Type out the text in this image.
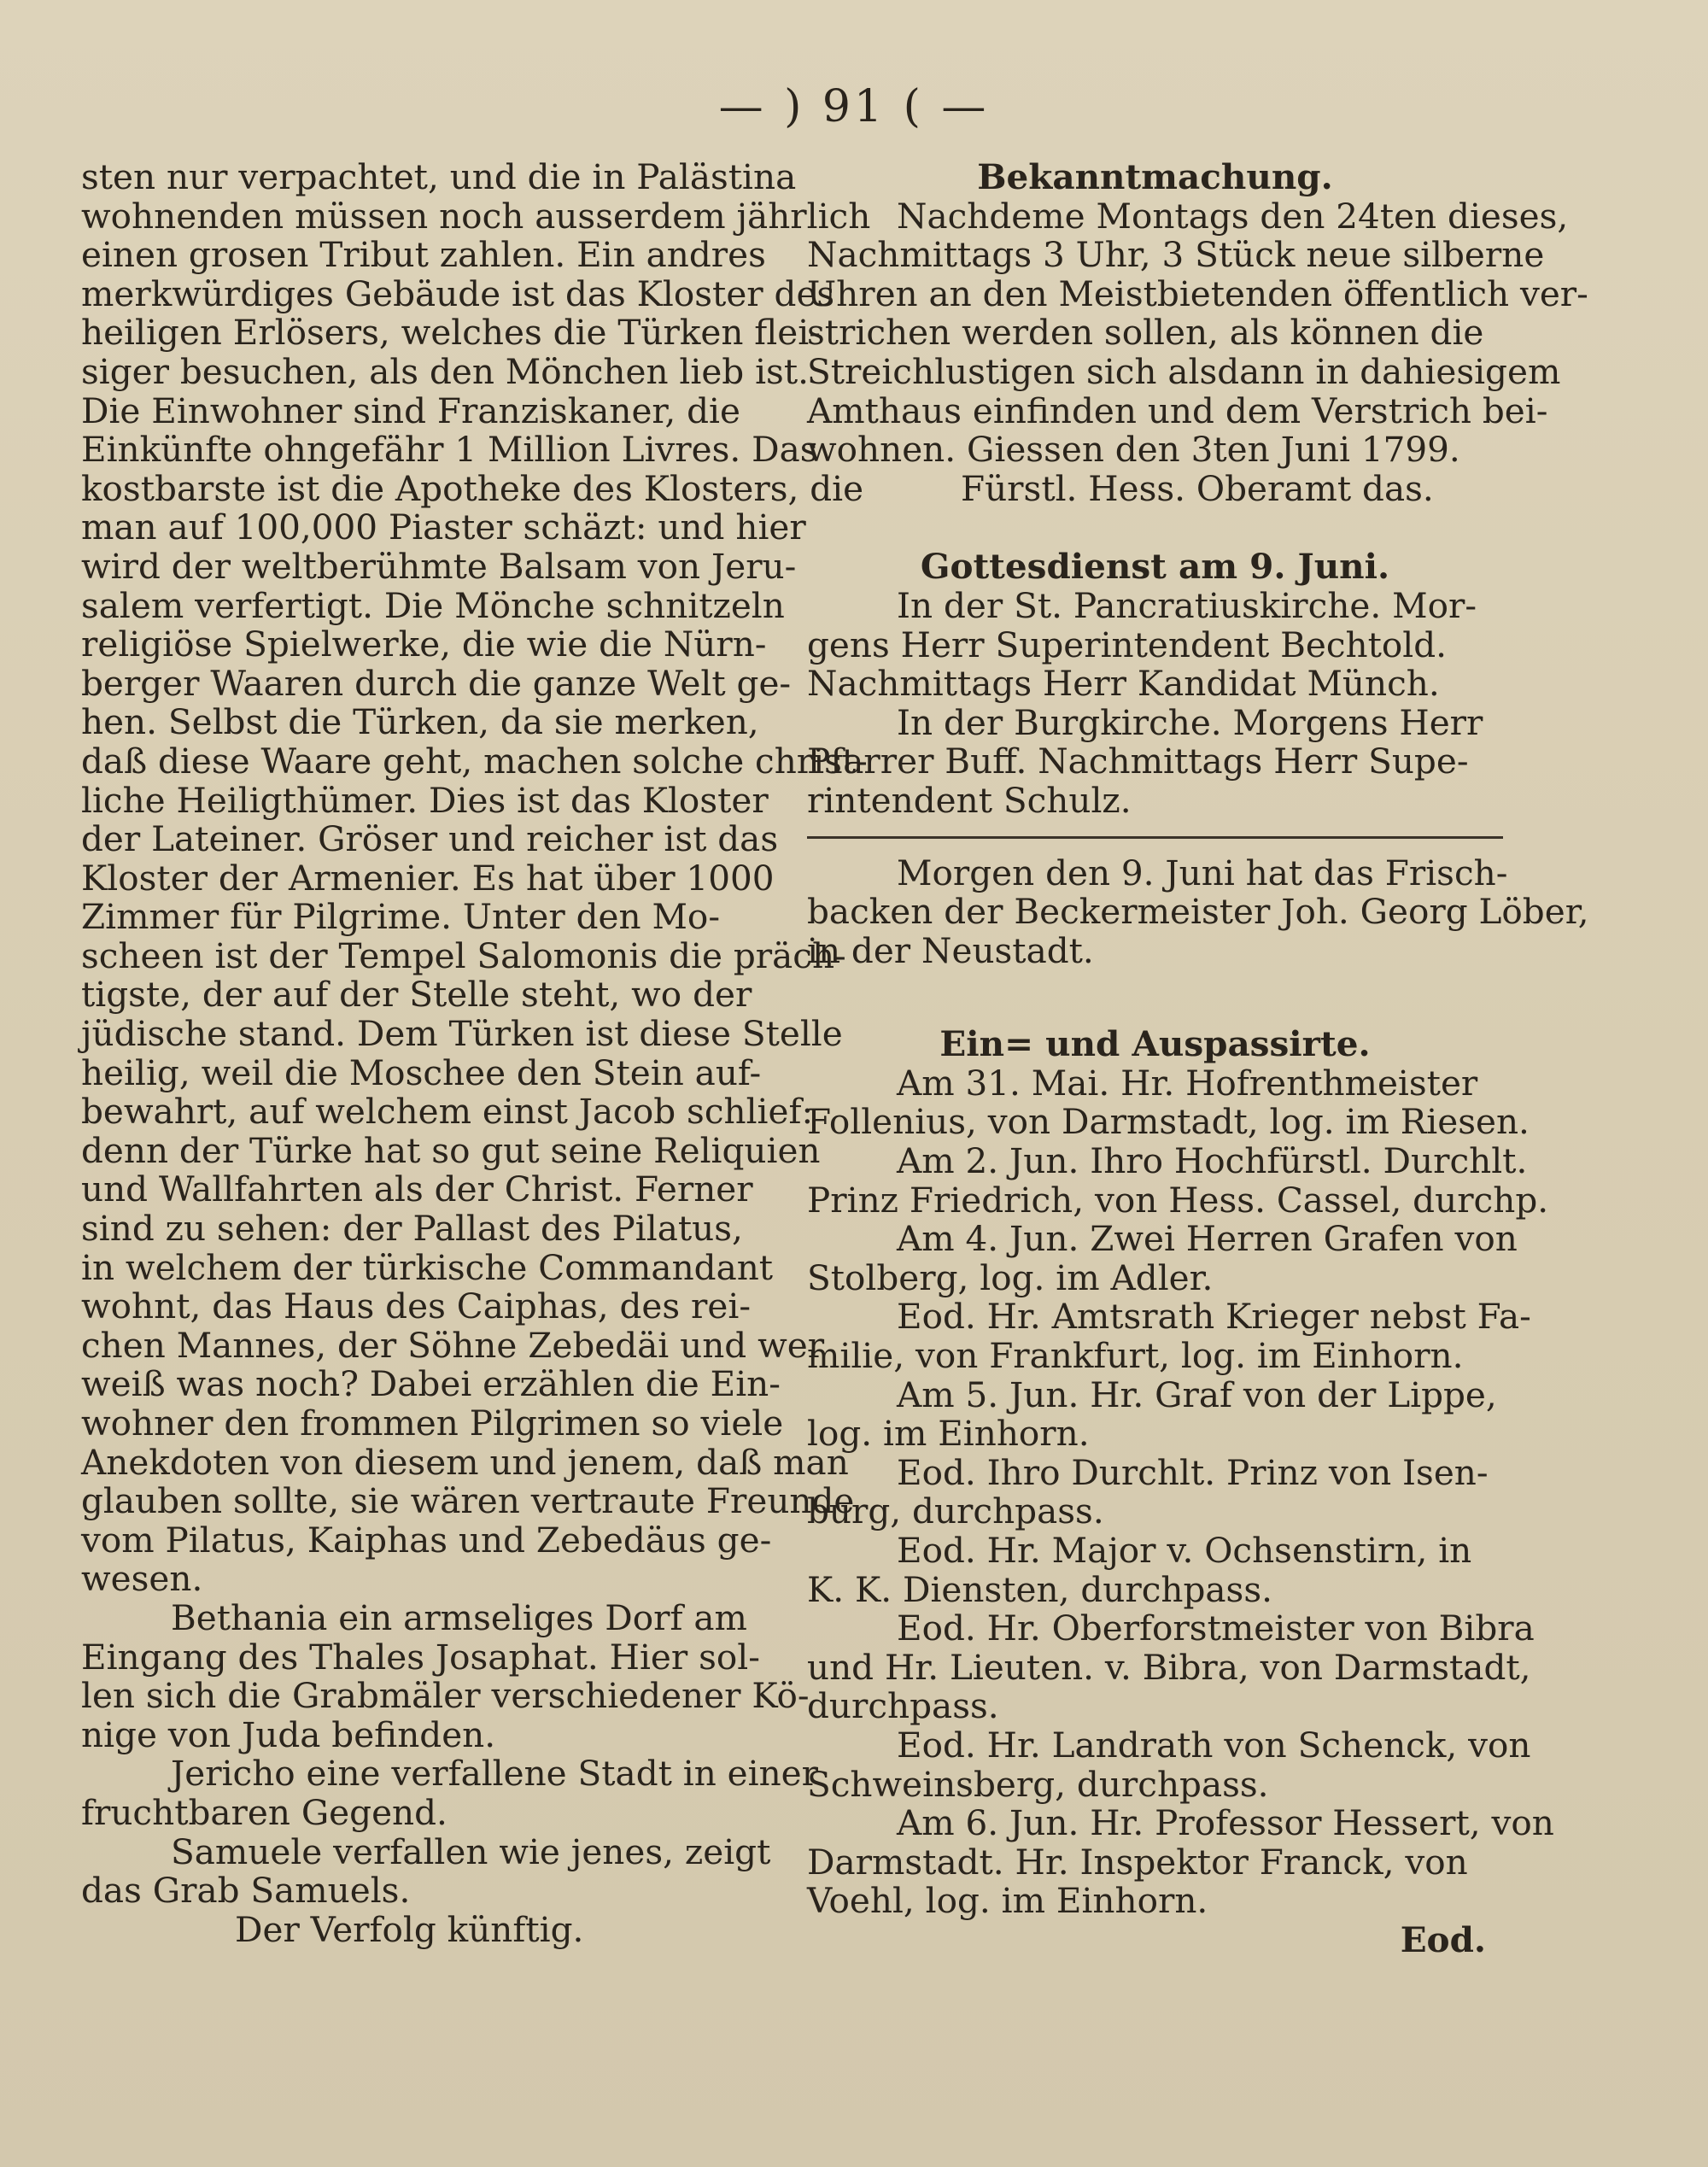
— ) 91 ( —
sten nur verpachtet, und die in Palästina
wohnenden müssen noch ausserdem jährlich
einen grosen Tribut zahlen. Ein andres
merkwürdiges Gebäude ist das Kloster des
heiligen Erlösers, welches die Türken flei-
siger besuchen, als den Mönchen lieb ist.
Die Einwohner sind Franziskaner, die
Einkünfte ohngefähr 1 Million Livres. Das
kostbarste ist die Apotheke des Klosters, die
man auf 100,000 Piaster schäzt: und hier
wird der weltberühmte Balsam von Jeru-
salem verfertigt. Die Mönche schnitzeln
religiöse Spielwerke, die wie die Nürn-
berger Waaren durch die ganze Welt ge-
hen. Selbst die Türken, da sie merken,
daß diese Waare geht, machen solche christ-
liche Heiligthümer. Dies ist das Kloster
der Lateiner. Gröser und reicher ist das
Kloster der Armenier. Es hat über 1000
Zimmer für Pilgrime. Unter den Mo-
scheen ist der Tempel Salomonis die präch-
tigste, der auf der Stelle steht, wo der
jüdische stand. Dem Türken ist diese Stelle
heilig, weil die Moschee den Stein auf-
bewahrt, auf welchem einst Jacob schlief:
denn der Türke hat so gut seine Reliquien
und Wallfahrten als der Christ. Ferner
sind zu sehen: der Pallast des Pilatus,
in welchem der türkische Commandant
wohnt, das Haus des Caiphas, des rei-
chen Mannes, der Söhne Zebedäi und wer
weiß was noch? Dabei erzählen die Ein-
wohner den frommen Pilgrimen so viele
Anekdoten von diesem und jenem, daß man
glauben sollte, sie wären vertraute Freunde
vom Pilatus, Kaiphas und Zebedäus ge-
wesen.
Bethania ein armseliges Dorf am
Eingang des Thales Josaphat. Hier sol-
len sich die Grabmäler verschiedener Kö-
nige von Juda befinden.
Jericho eine verfallene Stadt in einer
fruchtbaren Gegend.
Samuele verfallen wie jenes, zeigt
das Grab Samuels.
Der Verfolg künftig.
Bekanntmachung.
Nachdeme Montags den 24ten dieses,
Nachmittags 3 Uhr, 3 Stück neue silberne
Uhren an den Meistbietenden öffentlich ver-
strichen werden sollen, als können die
Streichlustigen sich alsdann in dahiesigem
Amthaus einfinden und dem Verstrich bei-
wohnen. Giessen den 3ten Juni 1799.
Fürstl. Hess. Oberamt das.
Gottesdienst am 9. Juni.
In der St. Pancratiuskirche. Mor-
gens Herr Superintendent Bechtold.
Nachmittags Herr Kandidat Münch.
In der Burgkirche. Morgens Herr
Pfarrer Buff. Nachmittags Herr Supe-
rintendent Schulz.
Morgen den 9. Juni hat das Frisch-
backen der Beckermeister Joh. Georg Löber,
in der Neustadt.
Ein= und Auspassirte.
Am 31. Mai. Hr. Hofrenthmeister
Follenius, von Darmstadt, log. im Riesen.
Am 2. Jun. Ihro Hochfürstl. Durchlt.
Prinz Friedrich, von Hess. Cassel, durchp.
Am 4. Jun. Zwei Herren Grafen von
Stolberg, log. im Adler.
Eod. Hr. Amtsrath Krieger nebst Fa-
milie, von Frankfurt, log. im Einhorn.
Am 5. Jun. Hr. Graf von der Lippe,
log. im Einhorn.
Eod. Ihro Durchlt. Prinz von Isen-
burg, durchpass.
Eod. Hr. Major v. Ochsenstirn, in
K. K. Diensten, durchpass.
Eod. Hr. Oberforstmeister von Bibra
und Hr. Lieuten. v. Bibra, von Darmstadt,
durchpass.
Eod. Hr. Landrath von Schenck, von
Schweinsberg, durchpass.
Am 6. Jun. Hr. Professor Hessert, von
Darmstadt. Hr. Inspektor Franck, von
Voehl, log. im Einhorn.
Eod.
